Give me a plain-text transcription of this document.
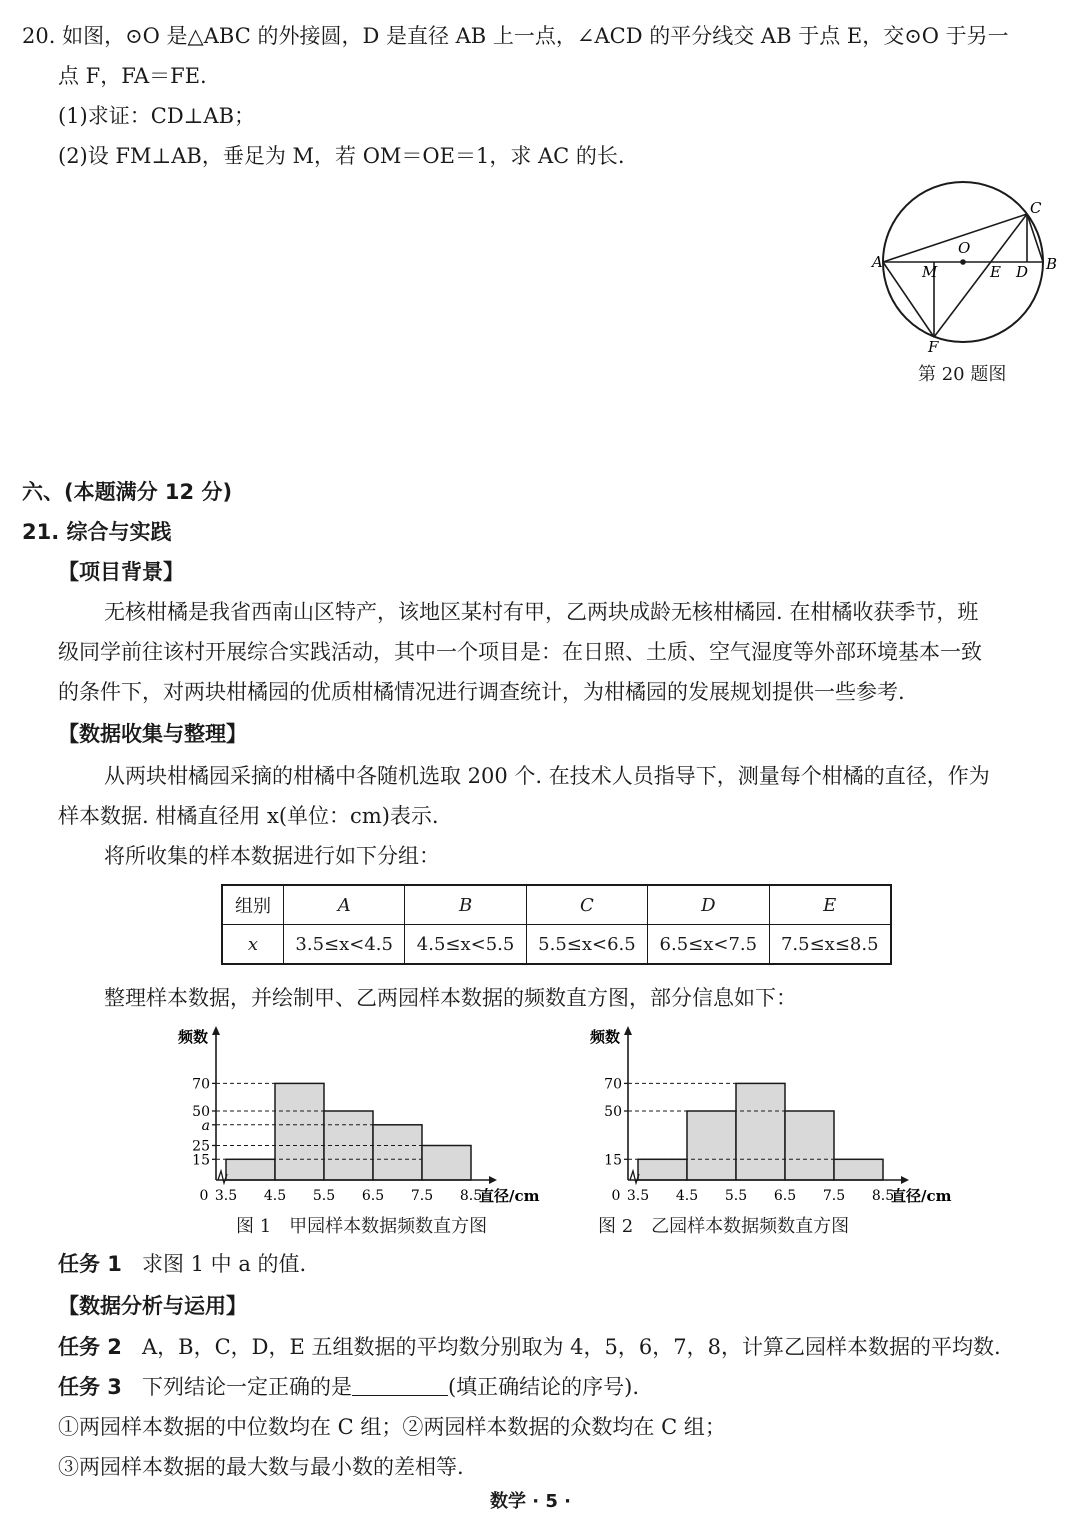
20. 如图，⊙O 是△ABC 的外接圆，D 是直径 AB 上一点，∠ACD 的平分线交 AB 于点 E，交⊙O 于另一
点 F，FA＝FE.
(1)求证：CD⊥AB；
(2)设 FM⊥AB，垂足为 M，若 OM＝OE＝1，求 AC 的长.
A	B
C
D
E
F
M
O
第 20 题图
六、(本题满分 12 分)
21. 综合与实践
【项目背景】
无核柑橘是我省西南山区特产，该地区某村有甲，乙两块成龄无核柑橘园. 在柑橘收获季节，班
级同学前往该村开展综合实践活动，其中一个项目是：在日照、土质、空气湿度等外部环境基本一致
的条件下，对两块柑橘园的优质柑橘情况进行调查统计，为柑橘园的发展规划提供一些参考.
【数据收集与整理】
从两块柑橘园采摘的柑橘中各随机选取 200 个. 在技术人员指导下，测量每个柑橘的直径，作为
样本数据. 柑橘直径用 x(单位：cm)表示.
将所收集的样本数据进行如下分组：
组别	A	B	C	D	E
x	3.5≤x<4.5	4.5≤x<5.5	5.5≤x<6.5	6.5≤x<7.5	7.5≤x≤8.5
整理样本数据，并绘制甲、乙两园样本数据的频数直方图，部分信息如下：
15
25
a
50
70
3.5 4.5 5.5 6.5 7.5 8.5
0	直径/cm
频数
图 1　甲园样本数据频数直方图
15
50
70
3.5 4.5 5.5 6.5 7.5 8.5
0	直径/cm
频数
图 2　乙园样本数据频数直方图
任务 1 求图 1 中 a 的值.
【数据分析与运用】
任务 2 A，B，C，D，E 五组数据的平均数分别取为 4，5，6，7，8，计算乙园样本数据的平均数.
任务 3 下列结论一定正确的是	(填正确结论的序号).
①两园样本数据的中位数均在 C 组；②两园样本数据的众数均在 C 组；
③两园样本数据的最大数与最小数的差相等.
数学 · 5 ·
